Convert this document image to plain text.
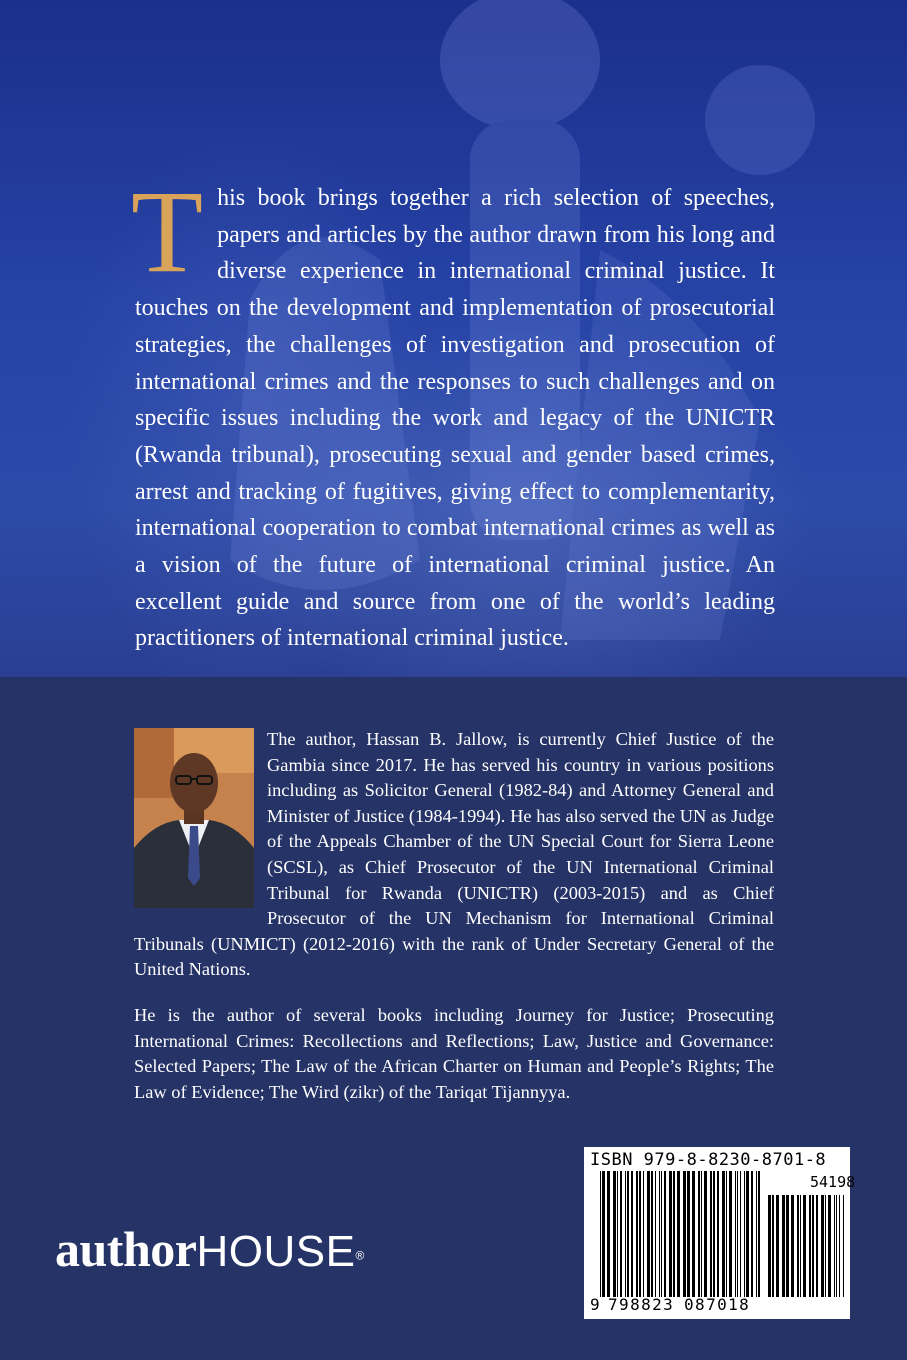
This book brings together a rich selection of speeches, papers and articles by the author drawn from his long and diverse experience in international criminal justice. It touches on the development and implementation of prosecutorial strategies, the challenges of investigation and prosecution of international crimes and the responses to such challenges and on specific issues including the work and legacy of the UNICTR (Rwanda tribunal), prosecuting sexual and gender based crimes, arrest and tracking of fugitives, giving effect to complementarity, international cooperation to combat international crimes as well as a vision of the future of international criminal justice. An excellent guide and source from one of the world’s leading practitioners of international criminal justice.

The author, Hassan B. Jallow, is currently Chief Justice of the Gambia since 2017. He has served his country in various positions including as Solicitor General (1982-84) and Attorney General and Minister of Justice (1984-1994). He has also served the UN as Judge of the Appeals Chamber of the UN Special Court for Sierra Leone (SCSL), as Chief Prosecutor of the UN International Criminal Tribunal for Rwanda (UNICTR) (2003-2015) and as Chief Prosecutor of the UN Mechanism for International Criminal Tribunals (UNMICT) (2012-2016) with the rank of Under Secretary General of the United Nations.

He is the author of several books including Journey for Justice; Prosecuting International Crimes: Recollections and Reflections; Law, Justice and Governance: Selected Papers; The Law of the African Charter on Human and People’s Rights; The Law of Evidence; The Wird (zikr) of the Tariqat Tijannyya.

authorHOUSE®
ISBN 979-8-8230-8701-8
54198
9 798823 087018
